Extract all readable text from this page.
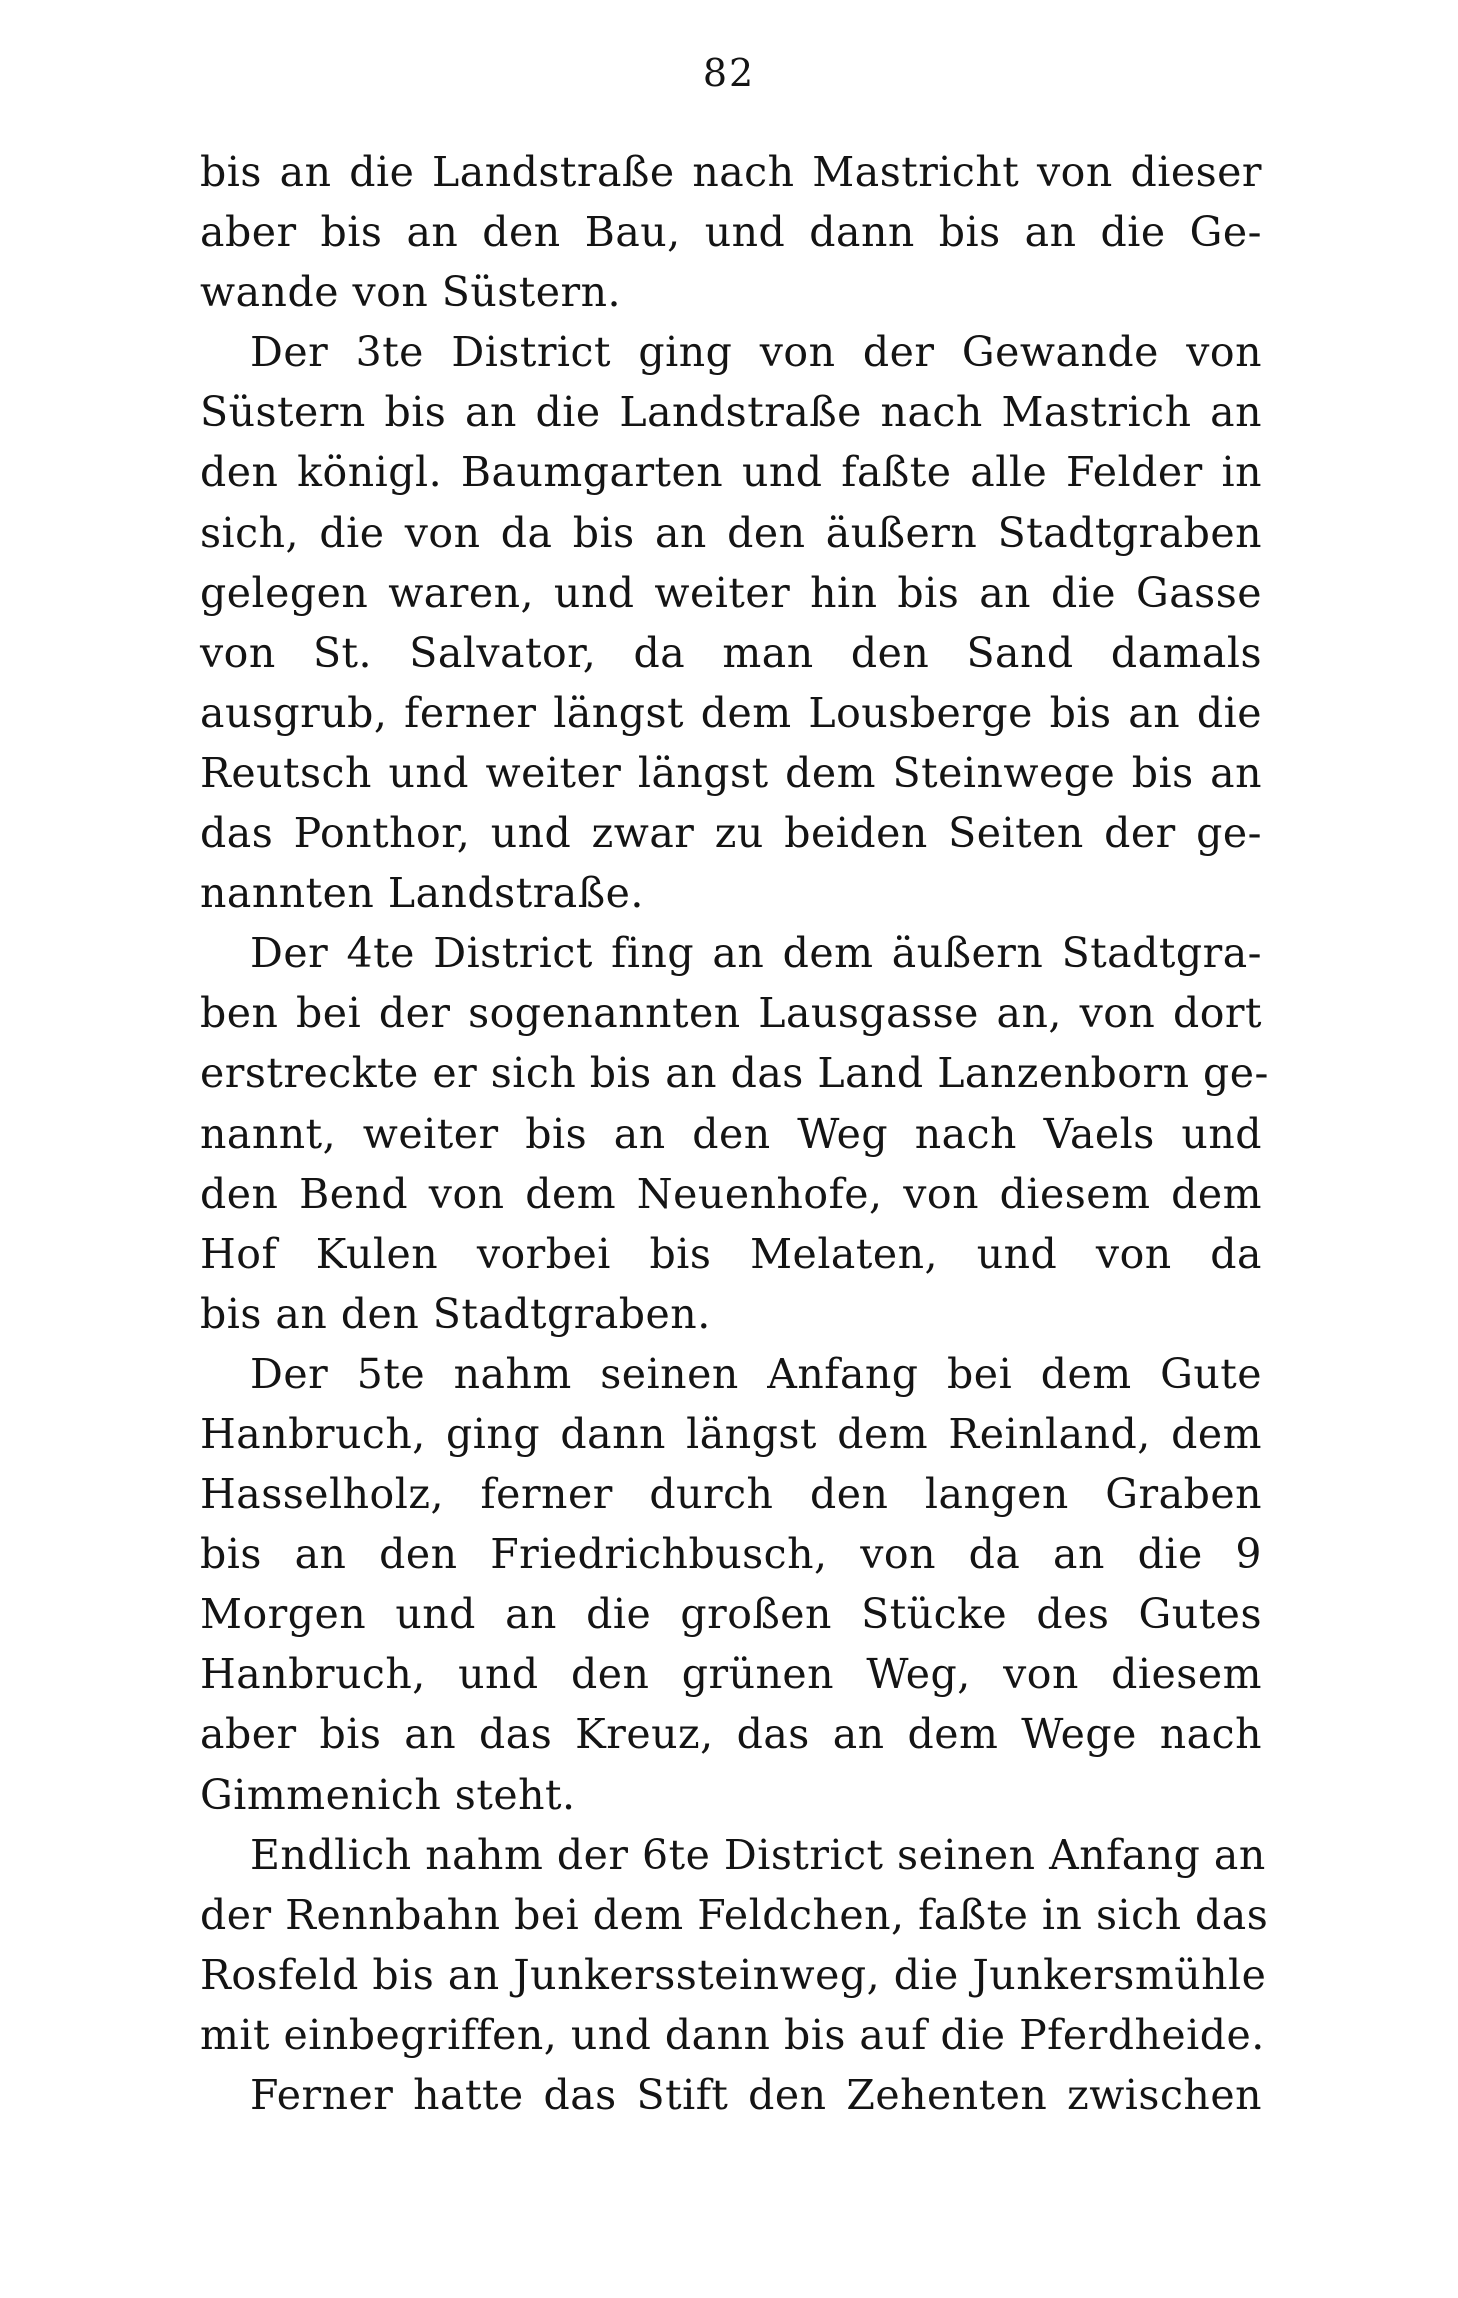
82
bis an die Landstraße nach Mastricht von dieser
aber bis an den Bau, und dann bis an die Ge-
wande von Süstern.
Der 3te District ging von der Gewande von
Süstern bis an die Landstraße nach Mastrich an
den königl. Baumgarten und faßte alle Felder in
sich, die von da bis an den äußern Stadtgraben
gelegen waren, und weiter hin bis an die Gasse
von St. Salvator, da man den Sand damals
ausgrub, ferner längst dem Lousberge bis an die
Reutsch und weiter längst dem Steinwege bis an
das Ponthor, und zwar zu beiden Seiten der ge-
nannten Landstraße.
Der 4te District fing an dem äußern Stadtgra-
ben bei der sogenannten Lausgasse an, von dort
erstreckte er sich bis an das Land Lanzenborn ge-
nannt, weiter bis an den Weg nach Vaels und
den Bend von dem Neuenhofe, von diesem dem
Hof Kulen vorbei bis Melaten, und von da
bis an den Stadtgraben.
Der 5te nahm seinen Anfang bei dem Gute
Hanbruch, ging dann längst dem Reinland, dem
Hasselholz, ferner durch den langen Graben
bis an den Friedrichbusch, von da an die 9
Morgen und an die großen Stücke des Gutes
Hanbruch, und den grünen Weg, von diesem
aber bis an das Kreuz, das an dem Wege nach
Gimmenich steht.
Endlich nahm der 6te District seinen Anfang an
der Rennbahn bei dem Feldchen, faßte in sich das
Rosfeld bis an Junkerssteinweg, die Junkersmühle
mit einbegriffen, und dann bis auf die Pferdheide.
Ferner hatte das Stift den Zehenten zwischen
